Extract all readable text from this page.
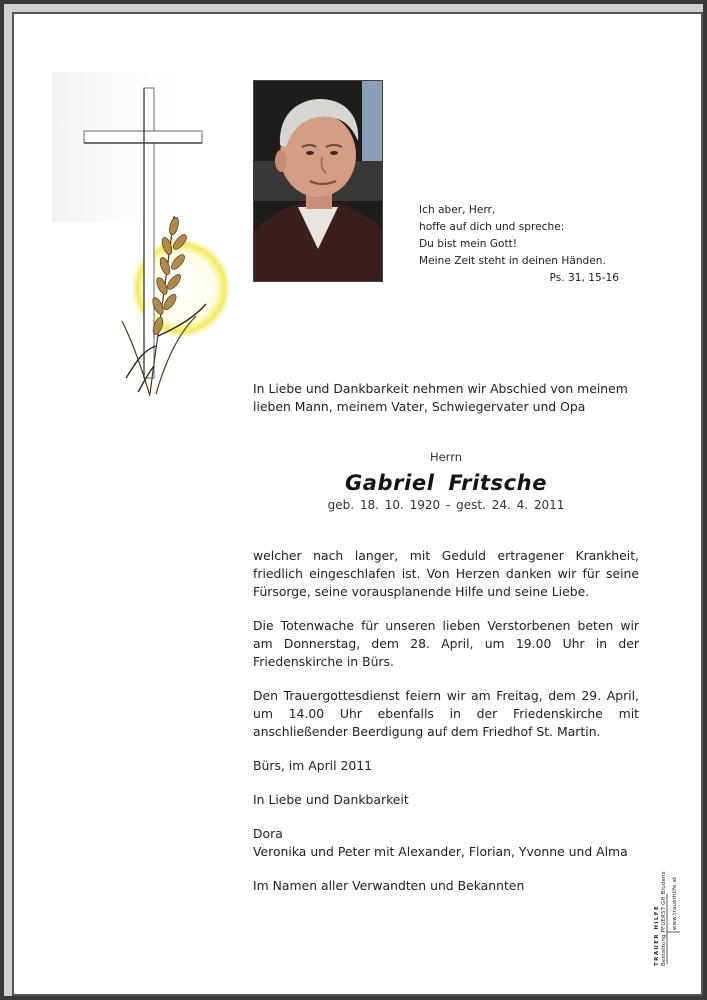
Ich aber, Herr,
hoffe auf dich und spreche:
Du bist mein Gott!
Meine Zeit steht in deinen Händen.
Ps. 31, 15-16
In Liebe und Dankbarkeit nehmen wir Abschied von meinem lieben Mann, meinem Vater, Schwiegervater und Opa
Herrn
Gabriel Fritsche
geb. 18. 10. 1920 - gest. 24. 4. 2011

welcher nach langer, mit Geduld ertragener Krankheit, friedlich eingeschlafen ist. Von Herzen danken wir für seine Fürsorge, seine vorausplanende Hilfe und seine Liebe.

Die Totenwache für unseren lieben Verstorbenen beten wir am Donnerstag, dem 28. April, um 19.00 Uhr in der Friedenskirche in Bürs.

Den Trauergottesdienst feiern wir am Freitag, dem 29. April, um 14.00 Uhr ebenfalls in der Friedenskirche mit anschließender Beerdigung auf dem Friedhof St. Martin.

Bürs, im April 2011

In Liebe und Dankbarkeit

Dora
Veronika und Peter mit Alexander, Florian, Yvonne und Alma

Im Namen aller Verwandten und Bekannten

TRAUER HILFE Bestattung PFUERST GH Bludenz www.trauerhilfe.at
